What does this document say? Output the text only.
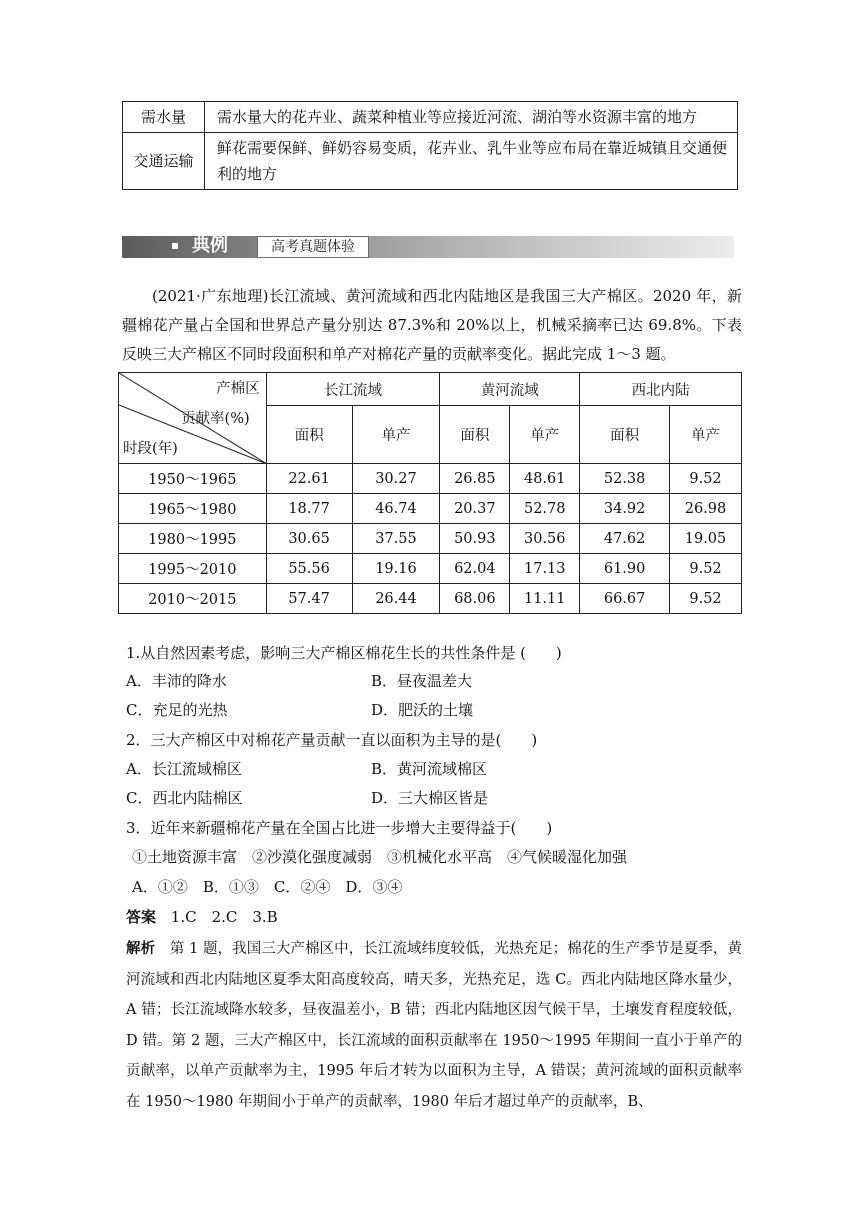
需水量	需水量大的花卉业、蔬菜种植业等应接近河流、湖泊等水资源丰富的地方
交通运输	鲜花需要保鲜、鲜奶容易变质，花卉业、乳牛业等应布局在靠近城镇且交通便利的地方
典例	高考真题体验
(2021·广东地理)长江流域、黄河流域和西北内陆地区是我国三大产棉区。2020 年，新疆棉花产量占全国和世界总产量分别达 87.3%和 20%以上，机械采摘率已达 69.8%。下表反映三大产棉区不同时段面积和单产对棉花产量的贡献率变化。据此完成 1～3 题。
产棉区
贡献率(%)
时段(年)	长江流域		黄河流域		西北内陆	
	面积	单产	面积	单产	面积	单产
1950～1965	22.61	30.27	26.85	48.61	52.38	9.52
1965～1980	18.77	46.74	20.37	52.78	34.92	26.98
1980～1995	30.65	37.55	50.93	30.56	47.62	19.05
1995～2010	55.56	19.16	62.04	17.13	61.90	9.52
2010～2015	57.47	26.44	68.06	11.11	66.67	9.52
1.从自然因素考虑，影响三大产棉区棉花生长的共性条件是 (　　)
A．丰沛的降水	B．昼夜温差大
C．充足的光热	D．肥沃的土壤
2．三大产棉区中对棉花产量贡献一直以面积为主导的是(　　)
A．长江流域棉区	B．黄河流域棉区
C．西北内陆棉区	D．三大棉区皆是
3．近年来新疆棉花产量在全国占比进一步增大主要得益于(　　)
①土地资源丰富　②沙漠化强度减弱　③机械化水平高　④气候暖湿化加强
A．①②　B．①③　C．②④　D．③④
答案 1.C　2.C　3.B
解析 第 1 题，我国三大产棉区中，长江流域纬度较低，光热充足；棉花的生产季节是夏季，黄河流域和西北内陆地区夏季太阳高度较高，晴天多，光热充足，选 C。西北内陆地区降水量少，A 错；长江流域降水较多，昼夜温差小，B 错；西北内陆地区因气候干旱，土壤发育程度较低，D 错。第 2 题，三大产棉区中，长江流域的面积贡献率在 1950～1995 年期间一直小于单产的贡献率，以单产贡献率为主，1995 年后才转为以面积为主导，A 错误；黄河流域的面积贡献率在 1950～1980 年期间小于单产的贡献率，1980 年后才超过单产的贡献率，B、
